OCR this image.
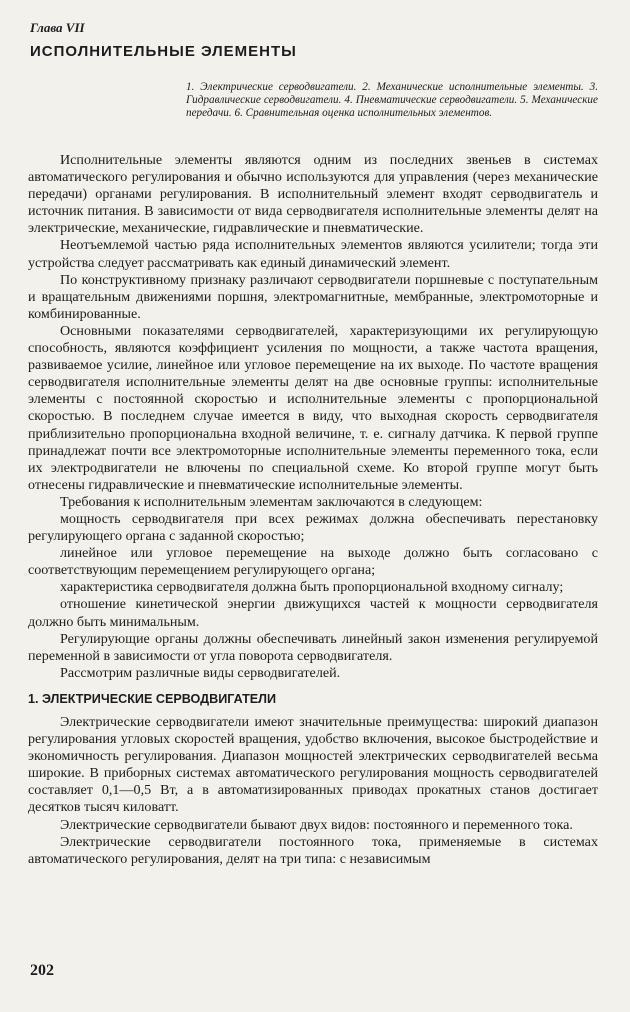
Глава VII
ИСПОЛНИТЕЛЬНЫЕ ЭЛЕМЕНТЫ
1. Электрические серводвигатели. 2. Механические исполнительные элементы. 3. Гидравлические серводвигатели. 4. Пневматические серводвигатели. 5. Механические передачи. 6. Сравнительная оценка исполнительных элементов.

Исполнительные элементы являются одним из последних звеньев в системах автоматического регулирования и обычно используются для управления (через механические передачи) органами регулирования. В исполнительный элемент входят серводвигатель и источник питания. В зависимости от вида серводвигателя исполнительные элементы делят на электрические, механические, гидравлические и пневматические.

Неотъемлемой частью ряда исполнительных элементов являются усилители; тогда эти устройства следует рассматривать как единый динамический элемент.

По конструктивному признаку различают серводвигатели поршневые с поступательным и вращательным движениями поршня, электромагнитные, мембранные, электромоторные и комбинированные.

Основными показателями серводвигателей, характеризующими их регулирующую способность, являются коэффициент усиления по мощности, а также частота вращения, развиваемое усилие, линейное или угловое перемещение на их выходе. По частоте вращения серводвигателя исполнительные элементы делят на две основные группы: исполнительные элементы с постоянной скоростью и исполнительные элементы с пропорциональной скоростью. В последнем случае имеется в виду, что выходная скорость серводвигателя приблизительно пропорциональна входной величине, т. е. сигналу датчика. К первой группе принадлежат почти все электромоторные исполнительные элементы переменного тока, если их электродвигатели не влючены по специальной схеме. Ко второй группе могут быть отнесены гидравлические и пневматические исполнительные элементы.

Требования к исполнительным элементам заключаются в следующем:

мощность серводвигателя при всех режимах должна обеспечивать перестановку регулирующего органа с заданной скоростью;

линейное или угловое перемещение на выходе должно быть согласовано с соответствующим перемещением регулирующего органа;

характеристика серводвигателя должна быть пропорциональной входному сигналу;

отношение кинетической энергии движущихся частей к мощности серводвигателя должно быть минимальным.

Регулирующие органы должны обеспечивать линейный закон изменения регулируемой переменной в зависимости от угла поворота серводвигателя.

Рассмотрим различные виды серводвигателей.

1. ЭЛЕКТРИЧЕСКИЕ СЕРВОДВИГАТЕЛИ

Электрические серводвигатели имеют значительные преимущества: широкий диапазон регулирования угловых скоростей вращения, удобство включения, высокое быстродействие и экономичность регулирования. Диапазон мощностей электрических серводвигателей весьма широкие. В приборных системах автоматического регулирования мощность серводвигателей составляет 0,1—0,5 Вт, а в автоматизированных приводах прокатных станов достигает десятков тысяч киловатт.

Электрические серводвигатели бывают двух видов: постоянного и переменного тока.

Электрические серводвигатели постоянного тока, применяемые в системах автоматического регулирования, делят на три типа: с независимым

202
